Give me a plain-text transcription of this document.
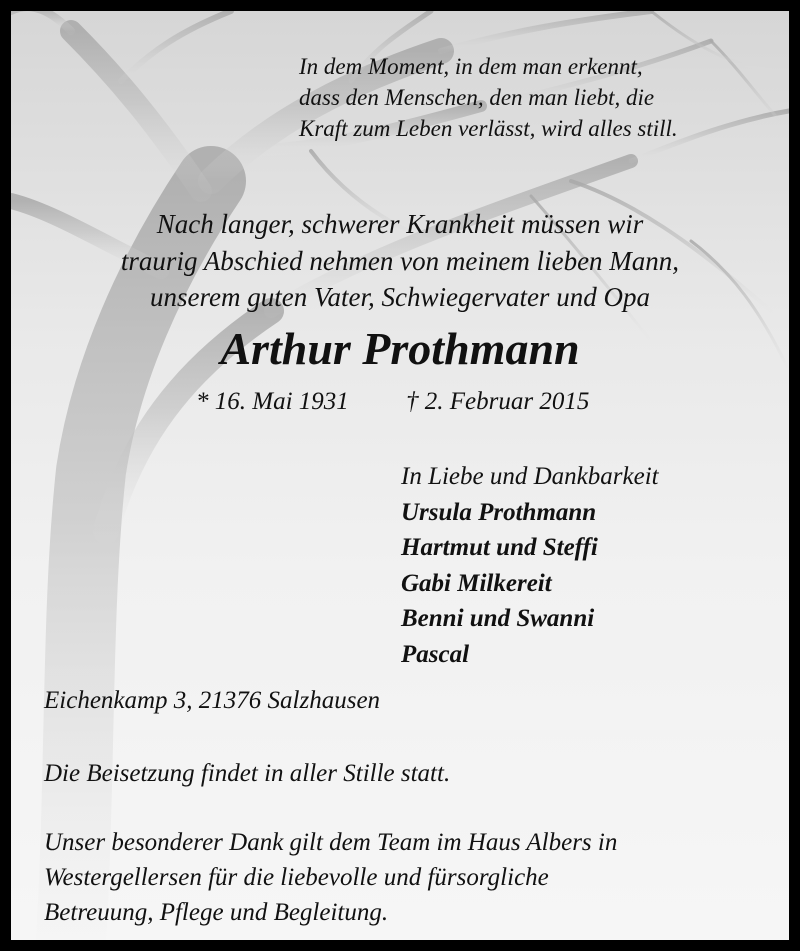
In dem Moment, in dem man erkennt,
dass den Menschen, den man liebt, die
Kraft zum Leben verlässt, wird alles still.
Nach langer, schwerer Krankheit müssen wir
traurig Abschied nehmen von meinem lieben Mann,
unserem guten Vater, Schwiegervater und Opa
Arthur Prothmann
* 16. Mai 1931 † 2. Februar 2015
In Liebe und Dankbarkeit
Ursula Prothmann
Hartmut und Steffi
Gabi Milkereit
Benni und Swanni
Pascal
Eichenkamp 3, 21376 Salzhausen
Die Beisetzung findet in aller Stille statt.
Unser besonderer Dank gilt dem Team im Haus Albers in
Westergellersen für die liebevolle und fürsorgliche
Betreuung, Pflege und Begleitung.
